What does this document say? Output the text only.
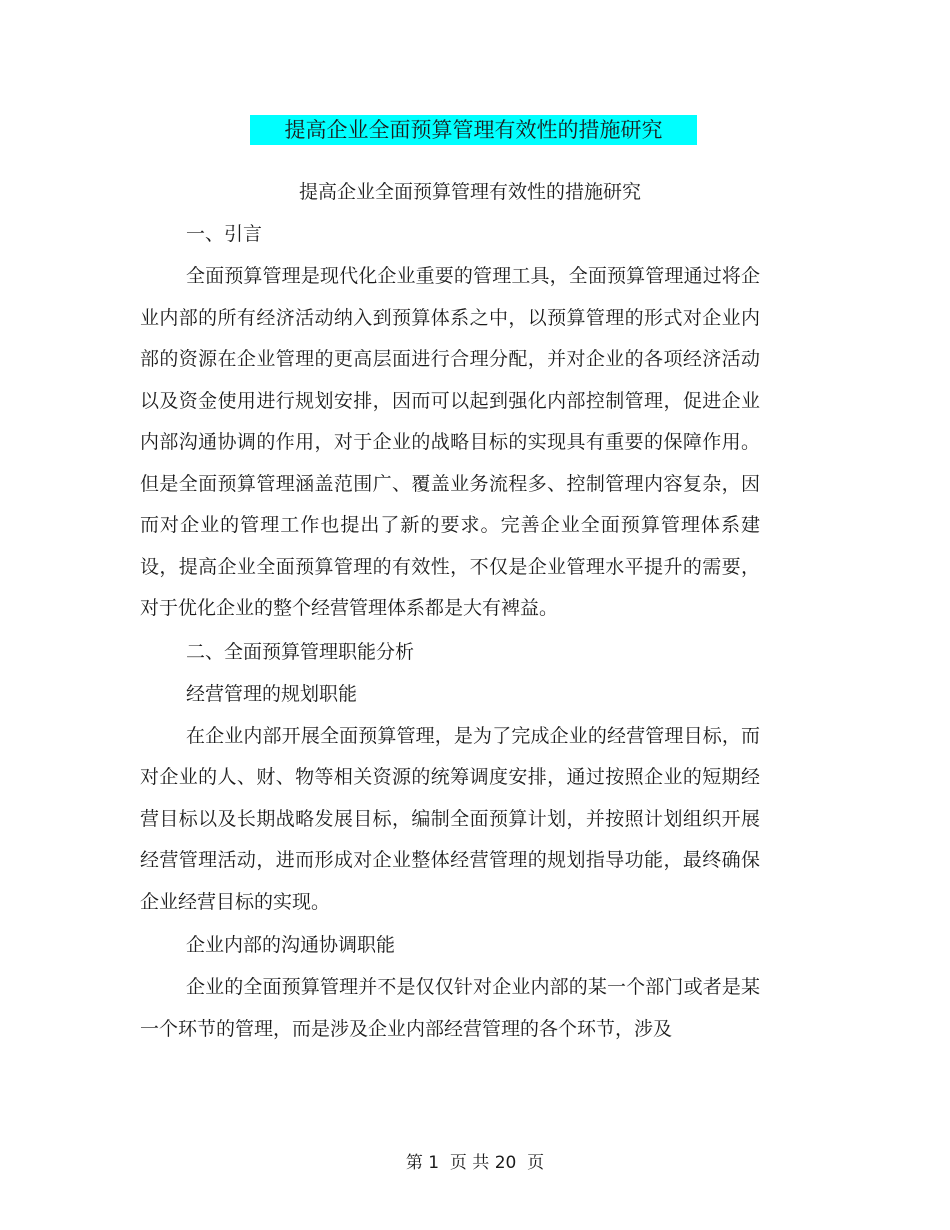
提高企业全面预算管理有效性的措施研究
提高企业全面预算管理有效性的措施研究
一、引言

全面预算管理是现代化企业重要的管理工具，全面预算管理通过将企业内部的所有经济活动纳入到预算体系之中，以预算管理的形式对企业内部的资源在企业管理的更高层面进行合理分配，并对企业的各项经济活动以及资金使用进行规划安排，因而可以起到强化内部控制管理，促进企业内部沟通协调的作用，对于企业的战略目标的实现具有重要的保障作用。但是全面预算管理涵盖范围广、覆盖业务流程多、控制管理内容复杂，因而对企业的管理工作也提出了新的要求。完善企业全面预算管理体系建设，提高企业全面预算管理的有效性，不仅是企业管理水平提升的需要，对于优化企业的整个经营管理体系都是大有裨益。

二、全面预算管理职能分析
经营管理的规划职能

在企业内部开展全面预算管理，是为了完成企业的经营管理目标，而对企业的人、财、物等相关资源的统筹调度安排，通过按照企业的短期经营目标以及长期战略发展目标，编制全面预算计划，并按照计划组织开展经营管理活动，进而形成对企业整体经营管理的规划指导功能，最终确保企业经营目标的实现。

企业内部的沟通协调职能

企业的全面预算管理并不是仅仅针对企业内部的某一个部门或者是某一个环节的管理，而是涉及企业内部经营管理的各个环节，涉及

第 1  页 共 20  页
